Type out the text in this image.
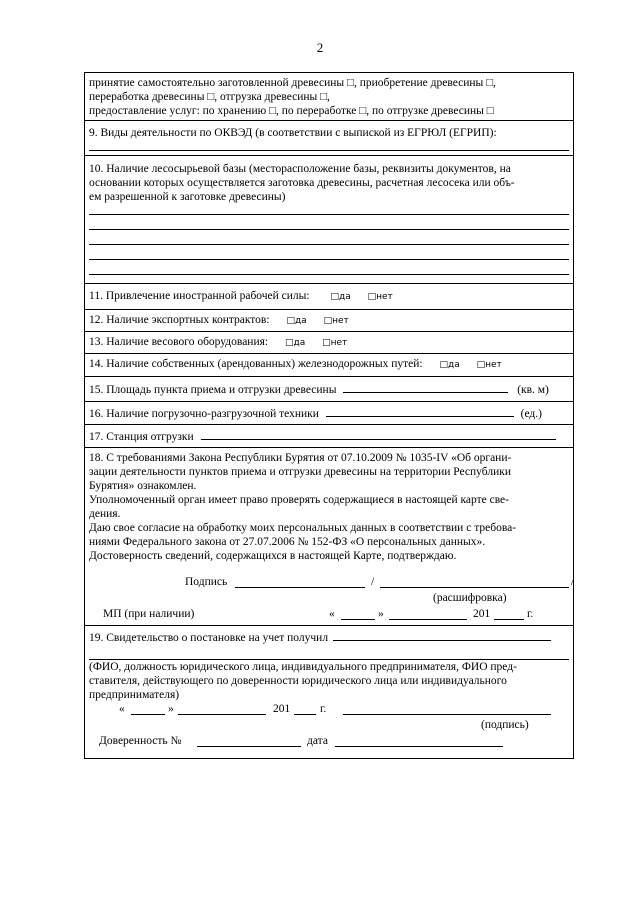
2
принятие самостоятельно заготовленной древесины □, приобретение древесины □,
переработка древесины □, отгрузка древесины □,
предоставление услуг: по хранению □, по переработке □, по отгрузке древесины □
9. Виды деятельности по ОКВЭД (в соответствии с выпиской из ЕГРЮЛ (ЕГРИП):
10. Наличие лесосырьевой базы (месторасположение базы, реквизиты документов, на
основании которых осуществляется заготовка древесины, расчетная лесосека или объ-
ем разрешенной к заготовке древесины)
11. Привлечение иностранной рабочей силы: □да □нет
12. Наличие экспортных контрактов: □да □нет
13. Наличие весового оборудования: □да □нет
14. Наличие собственных (арендованных) железнодорожных путей: □да □нет
15. Площадь пункта приема и отгрузки древесины	(кв. м)
16. Наличие погрузочно-разгрузочной техники	(ед.)
17. Станция отгрузки
18. С требованиями Закона Республики Бурятия от 07.10.2009 № 1035-IV «Об органи-
зации деятельности пунктов приема и отгрузки древесины на территории Республики
Бурятия» ознакомлен.
Уполномоченный орган имеет право проверять содержащиеся в настоящей карте све-
дения.
Даю свое согласие на обработку моих персональных данных в соответствии с требова-
ниями Федерального закона от 27.07.2006 № 152-ФЗ «О персональных данных».
Достоверность сведений, содержащихся в настоящей Карте, подтверждаю.
Подпись	/	/
(расшифровка)
МП (при наличии)	«	»	201	г.
19. Свидетельство о постановке на учет получил
(ФИО, должность юридического лица, индивидуального предпринимателя, ФИО пред-
ставителя, действующего по доверенности юридического лица или индивидуального
предпринимателя)
«	»	201	г.
(подпись)
Доверенность №	дата
